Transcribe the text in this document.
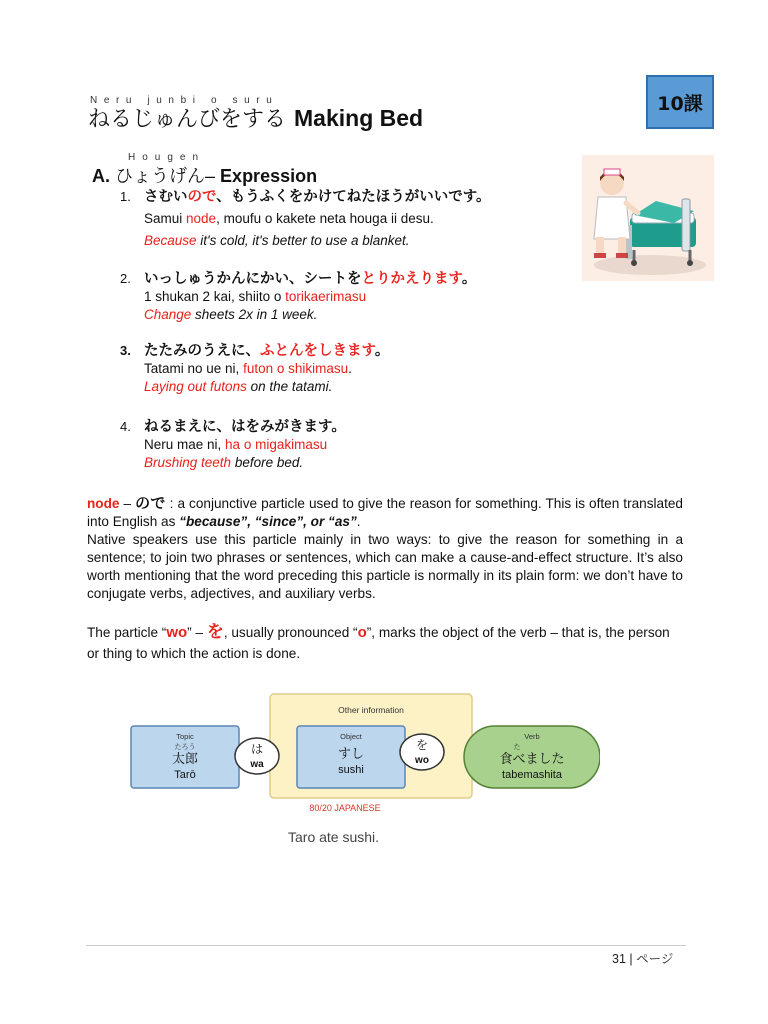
10課
Neru junbi o suru
ねるじゅんびをする Making Bed
Hougen
A. ひょうげん– Expression
1. さむいので、もうふくをかけてねたほうがいいです。
Samui node, moufu o kakete neta houga ii desu.
Because it's cold, it's better to use a blanket.
2. いっしゅうかんにかい、シートをとりかえります。
1 shukan 2 kai, shiito o torikaerimasu
Change sheets 2x in 1 week.
3. たたみのうえに、ふとんをしきます。
Tatami no ue ni, futon o shikimasu.
Laying out futons on the tatami.
4. ねるまえに、はをみがきます。
Neru mae ni, ha o migakimasu
Brushing teeth before bed.
node – ので : a conjunctive particle used to give the reason for something. This is often translated into English as “because”, “since”, or “as”.
Native speakers use this particle mainly in two ways: to give the reason for something in a sentence; to join two phrases or sentences, which can make a cause-and-effect structure. It’s also worth mentioning that the word preceding this particle is normally in its plain form: we don’t have to conjugate verbs, adjectives, and auxiliary verbs.
The particle “wo” – を, usually pronounced “o”, marks the object of the verb – that is, the person or thing to which the action is done.
Other information
Topic
たろう
太郎
Tarō
は
wa
Object
すし
sushi
を
wo
Verb
た
食べました
tabemashita
80/20 JAPANESE
Taro ate sushi.
31 | ページ
